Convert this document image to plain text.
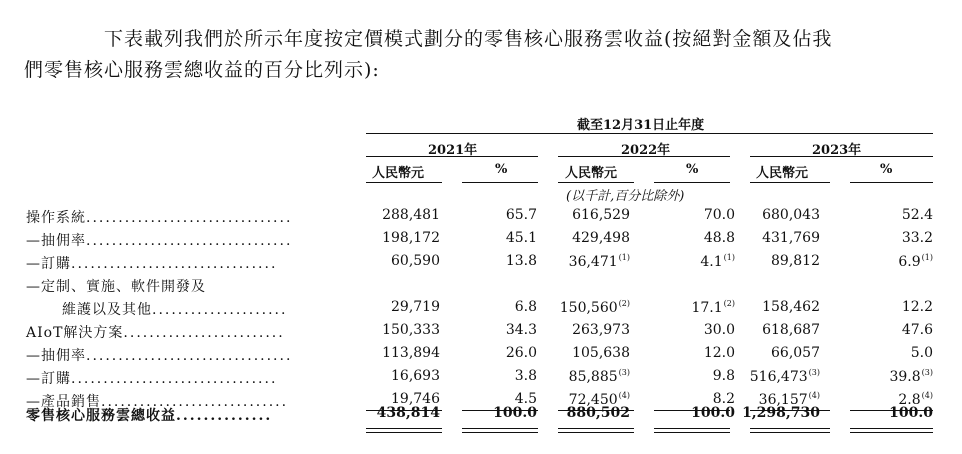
下表載列我們於所示年度按定價模式劃分的零售核心服務雲收益(按絕對金額及佔我
們零售核心服務雲總收益的百分比列示):
截至12月31日止年度
2021年	2022年	2023年
人民幣元	%	人民幣元	%	人民幣元	%
(以千計,百分比除外)
操作系統................................	288,481	65.7	616,529	70.0	680,043	52.4
—抽佣率................................	198,172	45.1	429,498	48.8	431,769	33.2
—訂購................................	60,590	13.8	36,471$^{(1)}$	4.1$^{(1)}$	89,812	6.9$^{(1)}$
—定制、實施、軟件開發及
維護以及其他.....................	29,719	6.8	150,560$^{(2)}$	17.1$^{(2)}$	158,462	12.2
AIoT解決方案.........................	150,333	34.3	263,973	30.0	618,687	47.6
—抽佣率................................	113,894	26.0	105,638	12.0	66,057	5.0
—訂購................................	16,693	3.8	85,885$^{(3)}$	9.8	516,473$^{(3)}$	39.8$^{(3)}$
—產品銷售.............................	19,746	4.5	72,450$^{(4)}$	8.2	36,157$^{(4)}$	2.8$^{(4)}$
零售核心服務雲總收益..............	438,814	100.0	880,502	100.0 1,298,730	100.0
